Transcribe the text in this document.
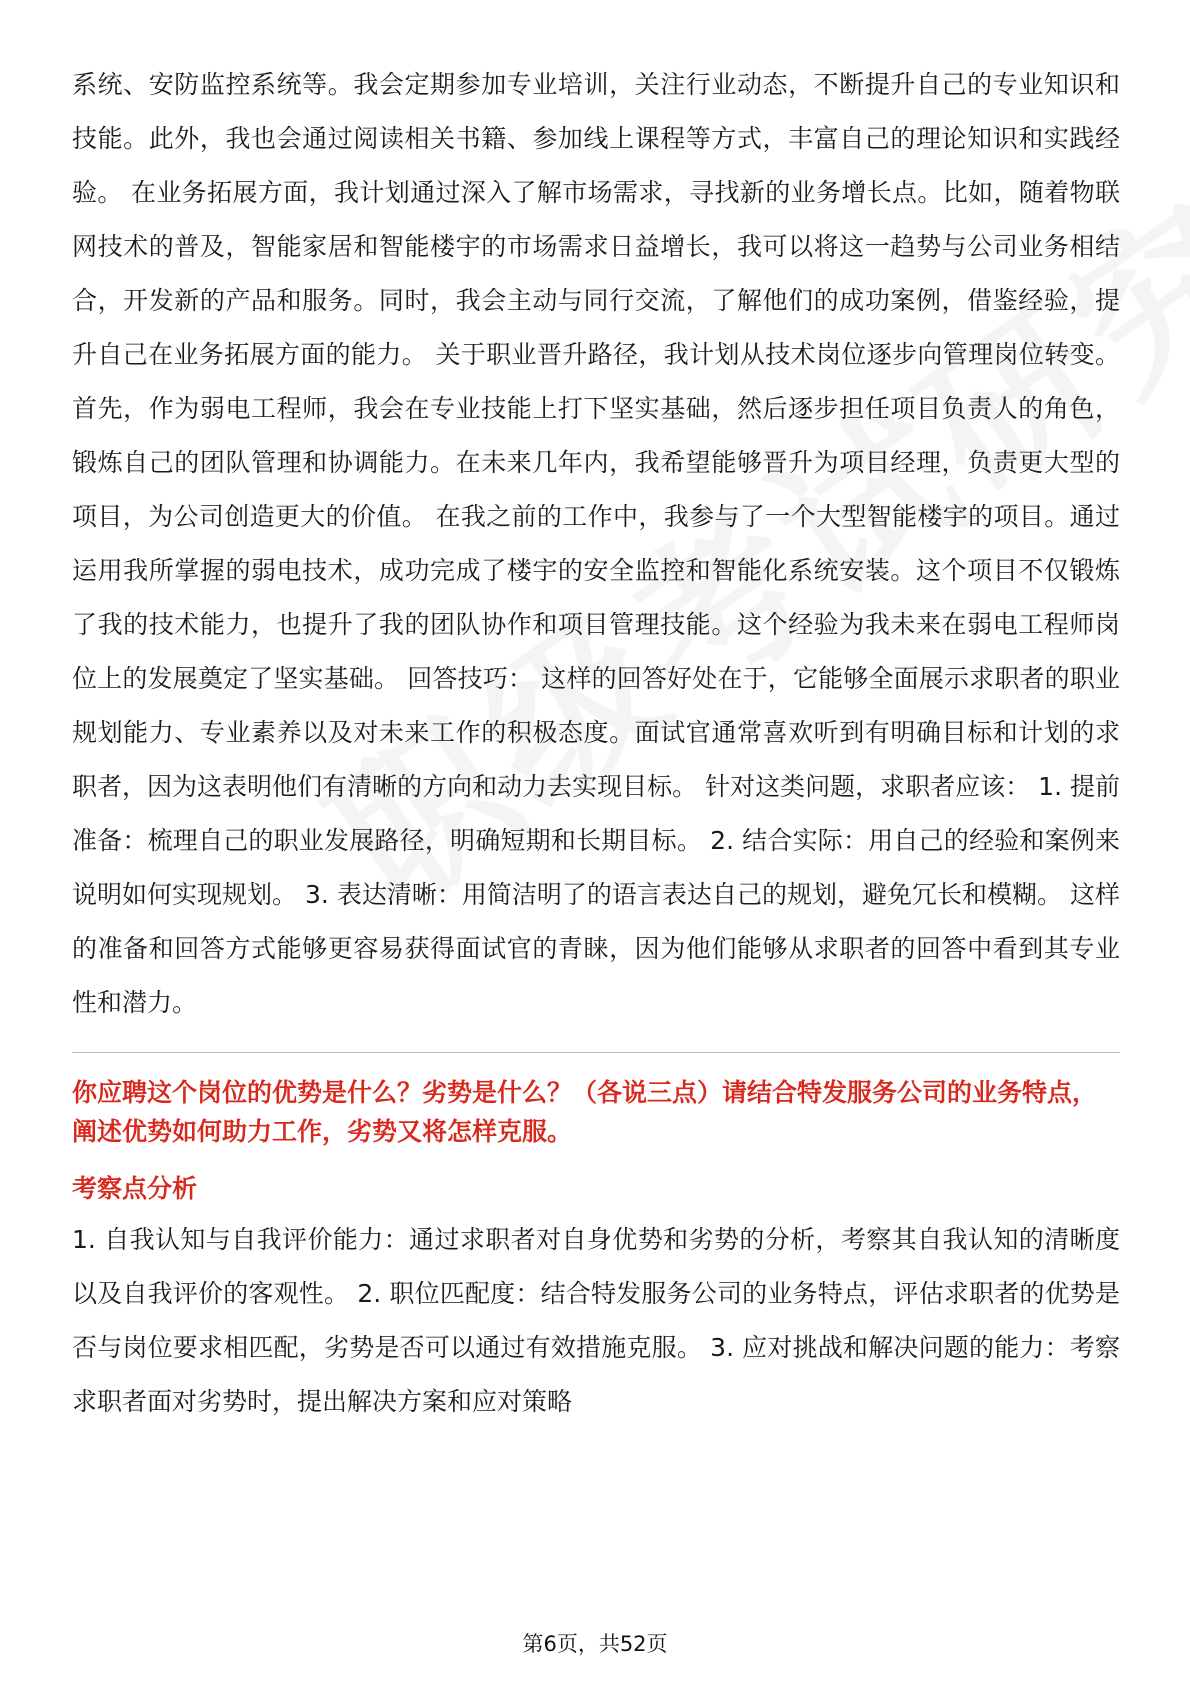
系统、安防监控系统等。我会定期参加专业培训，关注行业动态，不断提升自己的专业知识和技能。此外，我也会通过阅读相关书籍、参加线上课程等方式，丰富自己的理论知识和实践经验。 在业务拓展方面，我计划通过深入了解市场需求，寻找新的业务增长点。比如，随着物联网技术的普及，智能家居和智能楼宇的市场需求日益增长，我可以将这一趋势与公司业务相结合，开发新的产品和服务。同时，我会主动与同行交流，了解他们的成功案例，借鉴经验，提升自己在业务拓展方面的能力。 关于职业晋升路径，我计划从技术岗位逐步向管理岗位转变。首先，作为弱电工程师，我会在专业技能上打下坚实基础，然后逐步担任项目负责人的角色，锻炼自己的团队管理和协调能力。在未来几年内，我希望能够晋升为项目经理，负责更大型的项目，为公司创造更大的价值。 在我之前的工作中，我参与了一个大型智能楼宇的项目。通过运用我所掌握的弱电技术，成功完成了楼宇的安全监控和智能化系统安装。这个项目不仅锻炼了我的技术能力，也提升了我的团队协作和项目管理技能。这个经验为我未来在弱电工程师岗位上的发展奠定了坚实基础。 回答技巧： 这样的回答好处在于，它能够全面展示求职者的职业规划能力、专业素养以及对未来工作的积极态度。面试官通常喜欢听到有明确目标和计划的求职者，因为这表明他们有清晰的方向和动力去实现目标。 针对这类问题，求职者应该： 1. 提前准备：梳理自己的职业发展路径，明确短期和长期目标。 2. 结合实际：用自己的经验和案例来说明如何实现规划。 3. 表达清晰：用简洁明了的语言表达自己的规划，避免冗长和模糊。 这样的准备和回答方式能够更容易获得面试官的青睐，因为他们能够从求职者的回答中看到其专业性和潜力。

你应聘这个岗位的优势是什么？劣势是什么？（各说三点）请结合特发服务公司的业务特点，阐述优势如何助力工作，劣势又将怎样克服。

考察点分析

1. 自我认知与自我评价能力：通过求职者对自身优势和劣势的分析，考察其自我认知的清晰度以及自我评价的客观性。 2. 职位匹配度：结合特发服务公司的业务特点，评估求职者的优势是否与岗位要求相匹配，劣势是否可以通过有效措施克服。 3. 应对挑战和解决问题的能力：考察求职者面对劣势时，提出解决方案和应对策略

第6页，共52页
